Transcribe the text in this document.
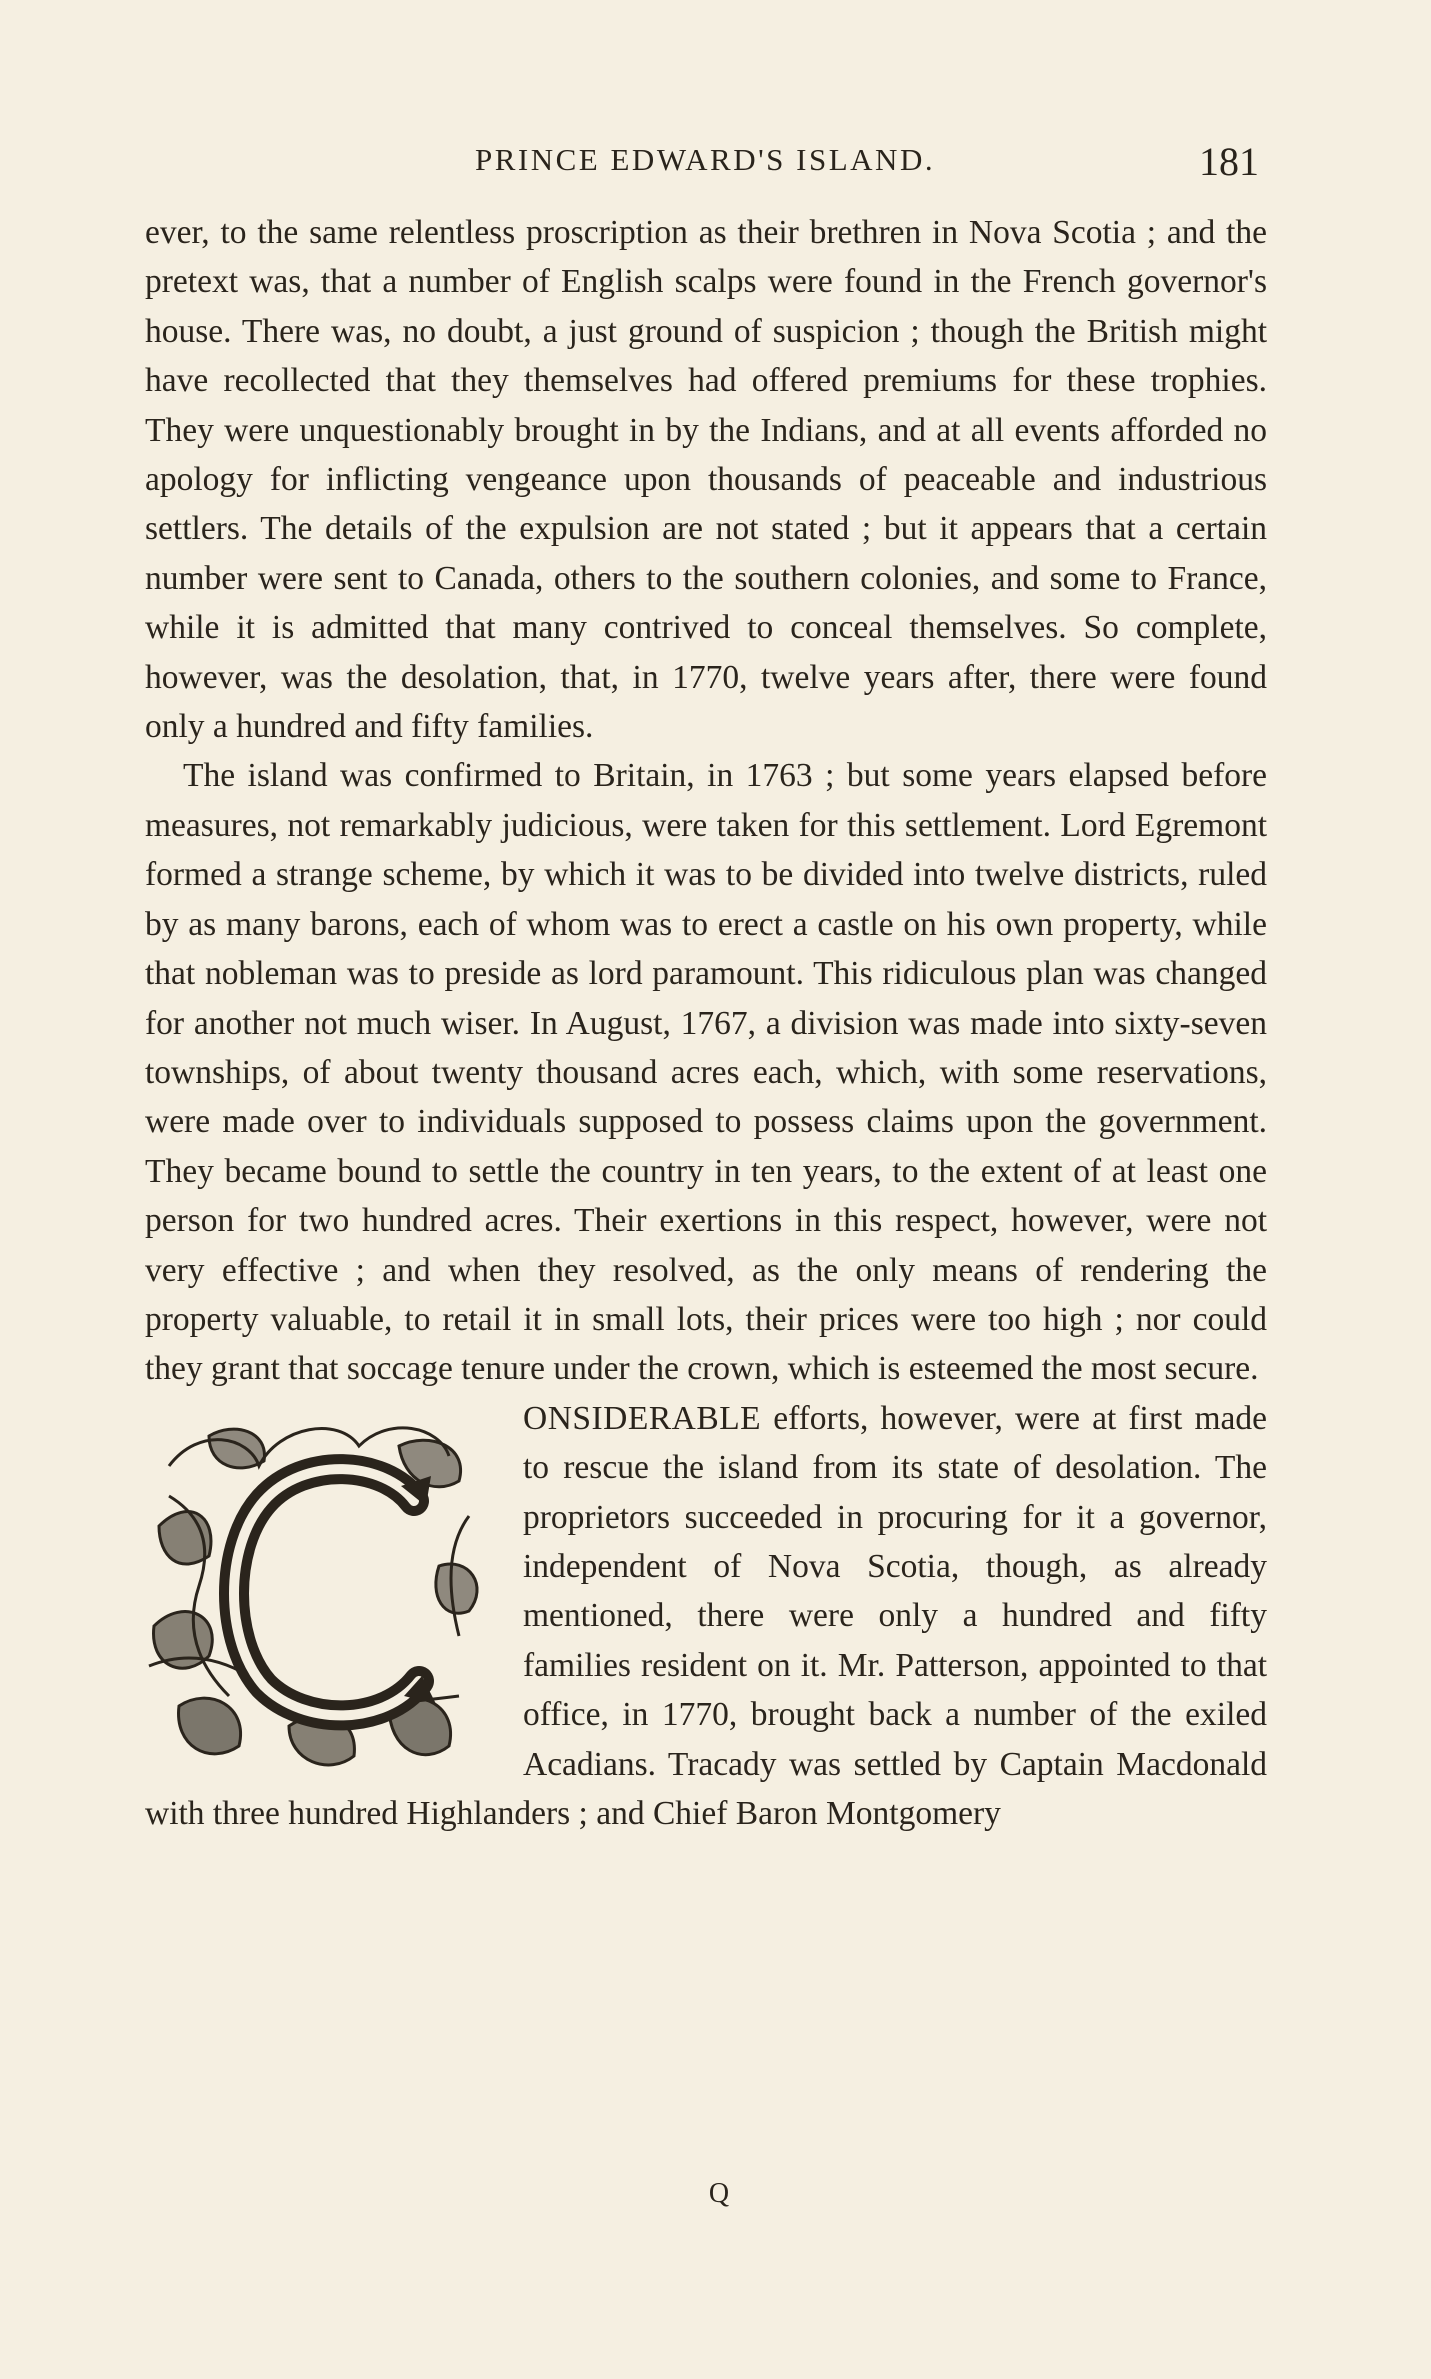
PRINCE EDWARD'S ISLAND.	181

ever, to the same relentless proscription as their brethren in Nova Scotia ; and the pretext was, that a number of English scalps were found in the French governor's house. There was, no doubt, a just ground of suspicion ; though the British might have recollected that they themselves had offered premiums for these trophies. They were unquestionably brought in by the Indians, and at all events afforded no apology for inflicting vengeance upon thousands of peaceable and industrious settlers. The details of the expulsion are not stated ; but it appears that a certain number were sent to Canada, others to the southern colonies, and some to France, while it is admitted that many contrived to conceal themselves. So complete, however, was the desolation, that, in 1770, twelve years after, there were found only a hundred and fifty families.

The island was confirmed to Britain, in 1763 ; but some years elapsed before measures, not remarkably judicious, were taken for this settlement. Lord Egremont formed a strange scheme, by which it was to be divided into twelve districts, ruled by as many barons, each of whom was to erect a castle on his own property, while that nobleman was to preside as lord paramount. This ridiculous plan was changed for another not much wiser. In August, 1767, a division was made into sixty-seven townships, of about twenty thousand acres each, which, with some reservations, were made over to individuals supposed to possess claims upon the government. They became bound to settle the country in ten years, to the extent of at least one person for two hundred acres. Their exertions in this respect, however, were not very effective ; and when they resolved, as the only means of rendering the property valuable, to retail it in small lots, their prices were too high ; nor could they grant that soccage tenure under the crown, which is esteemed the most secure.

ONSIDERABLE efforts, however, were at first made to rescue the island from its state of desolation. The proprietors succeeded in procuring for it a governor, independent of Nova Scotia, though, as already mentioned, there were only a hundred and fifty families resident on it. Mr. Patterson, appointed to that office, in 1770, brought back a number of the exiled Acadians. Tracady was settled by Captain Macdonald with three hundred Highlanders ; and Chief Baron Montgomery

Q
